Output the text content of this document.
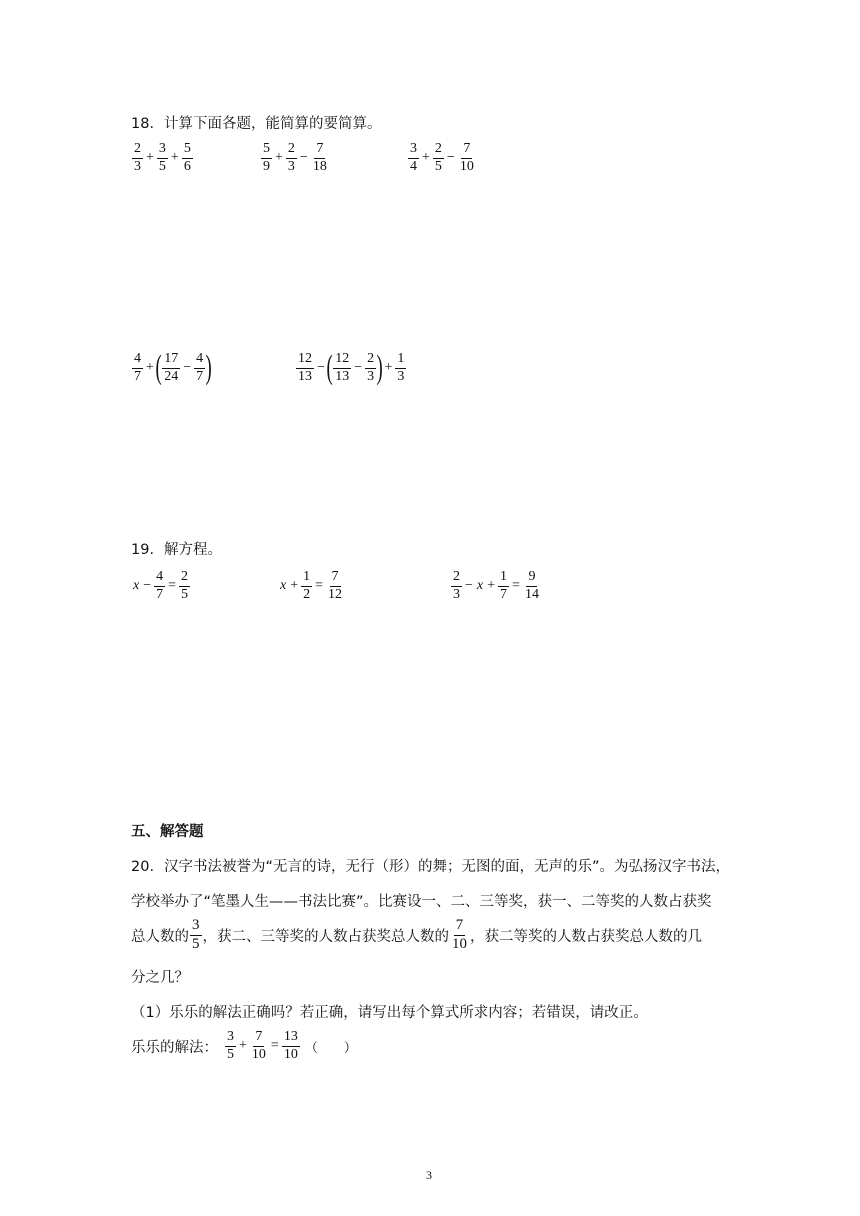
18．计算下面各题，能简算的要简算。
$\frac{2}{3} + \frac{3}{5} + \frac{5}{6}$	$\frac{5}{9} + \frac{2}{3} - \frac{7}{18}$	$\frac{3}{4} + \frac{2}{5} - \frac{7}{10}$
$\frac{4}{7}$ + ( $\frac{17}{24} - \frac{4}{7}$ )	$\frac{12}{13}$ − ( $\frac{12}{13} - \frac{2}{3}$ ) + $\frac{1}{3}$
19．解方程。
$x - \frac{4}{7} = \frac{2}{5}$	$x + \frac{1}{2} = \frac{7}{12}$	$\frac{2}{3} - x + \frac{1}{7} = \frac{9}{14}$
五、解答题
20．汉字书法被誉为“无言的诗，无行（形）的舞；无图的面，无声的乐”。为弘扬汉字书法，
学校举办了“笔墨人生——书法比赛”。比赛设一、二、三等奖，获一、二等奖的人数占获奖
总人数的 $\frac{3}{5}$ ，获二、三等奖的人数占获奖总人数的 $\frac{7}{10}$ ，获二等奖的人数占获奖总人数的几
分之几？
（1）乐乐的解法正确吗？若正确，请写出每个算式所求内容；若错误，请改正。
乐乐的解法： $\frac{3}{5} + \frac{7}{10} = \frac{13}{10}$ （　　）
3
